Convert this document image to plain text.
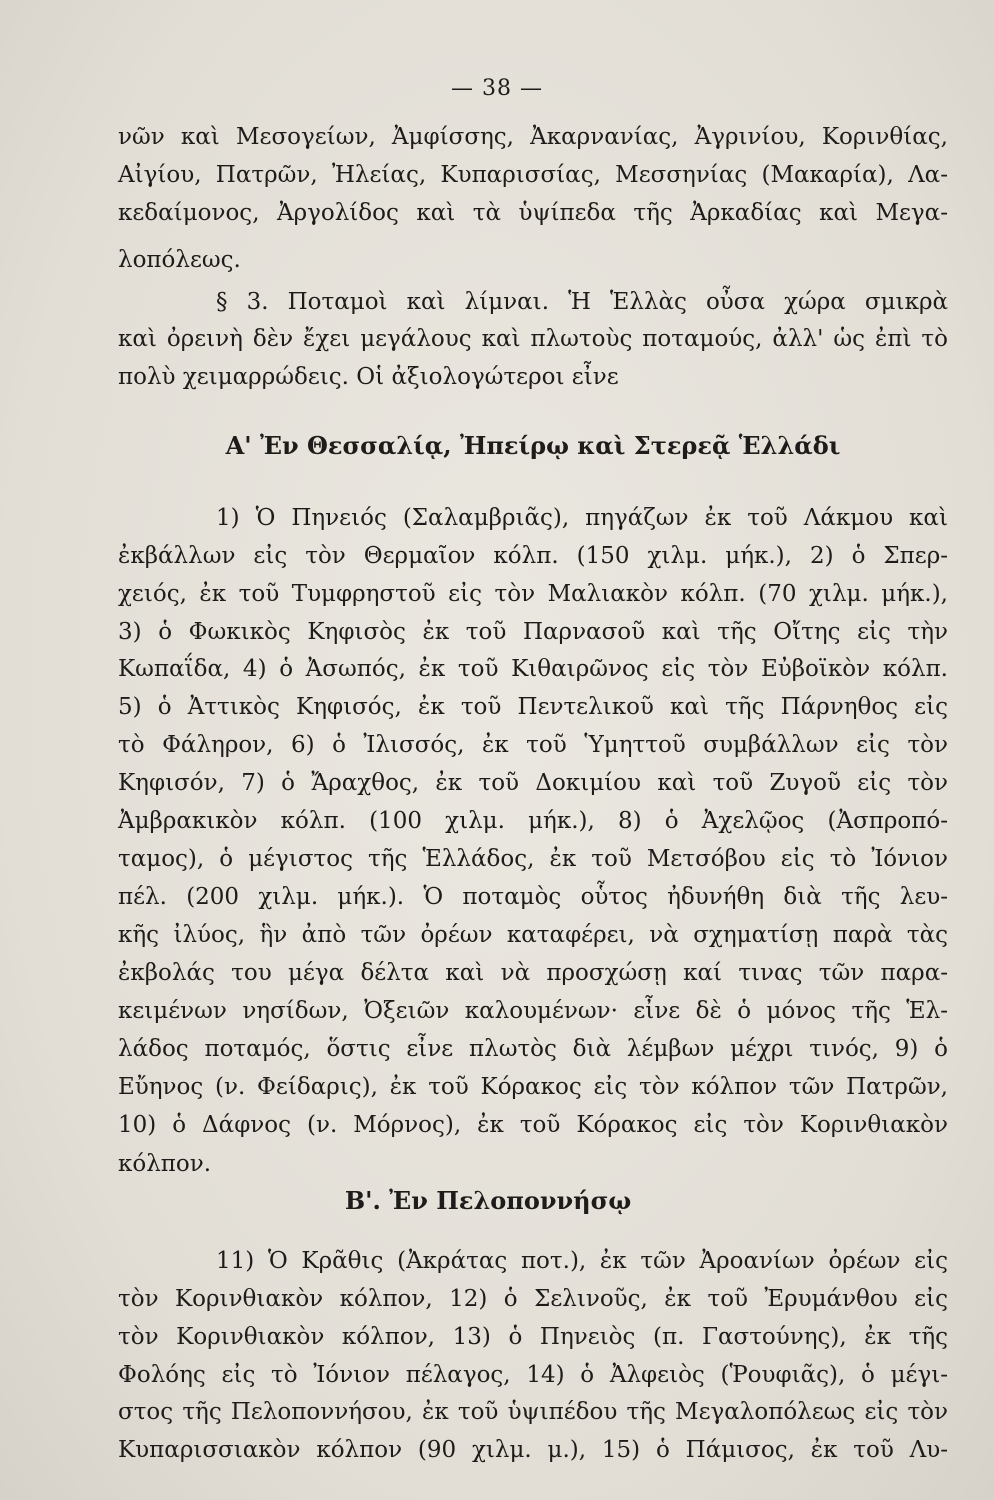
— 38 —
νῶν καὶ Μεσογείων, Ἀμφίσσης, Ἀκαρνανίας, Ἀγρινίου, Κορινθίας,
Αἰγίου, Πατρῶν, Ἠλείας, Κυπαρισσίας, Μεσσηνίας (Μακαρία), Λα-
κεδαίμονος, Ἀργολίδος καὶ τὰ ὑψίπεδα τῆς Ἀρκαδίας καὶ Μεγα-
λοπόλεως.
§ 3. Ποταμοὶ καὶ λίμναι. Ἡ Ἑλλὰς οὖσα χώρα σμικρὰ
καὶ ὀρεινὴ δὲν ἔχει μεγάλους καὶ πλωτοὺς ποταμούς, ἀλλ' ὡς ἐπὶ τὸ
πολὺ χειμαρρώδεις. Οἱ ἀξιολογώτεροι εἶνε
Α' Ἐν Θεσσαλίᾳ, Ἠπείρῳ καὶ Στερεᾷ Ἑλλάδι
1) Ὁ Πηνειός (Σαλαμβριᾶς), πηγάζων ἐκ τοῦ Λάκμου καὶ
ἐκβάλλων εἰς τὸν Θερμαῖον κόλπ. (150 χιλμ. μήκ.), 2) ὁ Σπερ-
χειός, ἐκ τοῦ Τυμφρηστοῦ εἰς τὸν Μαλιακὸν κόλπ. (70 χιλμ. μήκ.),
3) ὁ Φωκικὸς Κηφισὸς ἐκ τοῦ Παρνασοῦ καὶ τῆς Οἴτης εἰς τὴν
Κωπαΐδα, 4) ὁ Ἀσωπός, ἐκ τοῦ Κιθαιρῶνος εἰς τὸν Εὐβοϊκὸν κόλπ.
5) ὁ Ἀττικὸς Κηφισός, ἐκ τοῦ Πεντελικοῦ καὶ τῆς Πάρνηθος εἰς
τὸ Φάληρον, 6) ὁ Ἰλισσός, ἐκ τοῦ Ὑμηττοῦ συμβάλλων εἰς τὸν
Κηφισόν, 7) ὁ Ἄραχθος, ἐκ τοῦ Δοκιμίου καὶ τοῦ Ζυγοῦ εἰς τὸν
Ἀμβρακικὸν κόλπ. (100 χιλμ. μήκ.), 8) ὁ Ἀχελῷος (Ἀσπροπό-
ταμος), ὁ μέγιστος τῆς Ἑλλάδος, ἐκ τοῦ Μετσόβου εἰς τὸ Ἰόνιον
πέλ. (200 χιλμ. μήκ.). Ὁ ποταμὸς οὗτος ἠδυνήθη διὰ τῆς λευ-
κῆς ἰλύος, ἣν ἀπὸ τῶν ὀρέων καταφέρει, νὰ σχηματίσῃ παρὰ τὰς
ἐκβολάς του μέγα δέλτα καὶ νὰ προσχώσῃ καί τινας τῶν παρα-
κειμένων νησίδων, Ὀξειῶν καλουμένων· εἶνε δὲ ὁ μόνος τῆς Ἑλ-
λάδος ποταμός, ὅστις εἶνε πλωτὸς διὰ λέμβων μέχρι τινός, 9) ὁ
Εὔηνος (ν. Φείδαρις), ἐκ τοῦ Κόρακος εἰς τὸν κόλπον τῶν Πατρῶν,
10) ὁ Δάφνος (ν. Μόρνος), ἐκ τοῦ Κόρακος εἰς τὸν Κορινθιακὸν
κόλπον.
Β'. Ἐν Πελοποννήσῳ
11) Ὁ Κρᾶθις (Ἀκράτας ποτ.), ἐκ τῶν Ἀροανίων ὀρέων εἰς
τὸν Κορινθιακὸν κόλπον, 12) ὁ Σελινοῦς, ἐκ τοῦ Ἐρυμάνθου εἰς
τὸν Κορινθιακὸν κόλπον, 13) ὁ Πηνειὸς (π. Γαστούνης), ἐκ τῆς
Φολόης εἰς τὸ Ἰόνιον πέλαγος, 14) ὁ Ἀλφειὸς (Ῥουφιᾶς), ὁ μέγι-
στος τῆς Πελοποννήσου, ἐκ τοῦ ὑψιπέδου τῆς Μεγαλοπόλεως εἰς τὸν
Κυπαρισσιακὸν κόλπον (90 χιλμ. μ.), 15) ὁ Πάμισος, ἐκ τοῦ Λυ-
